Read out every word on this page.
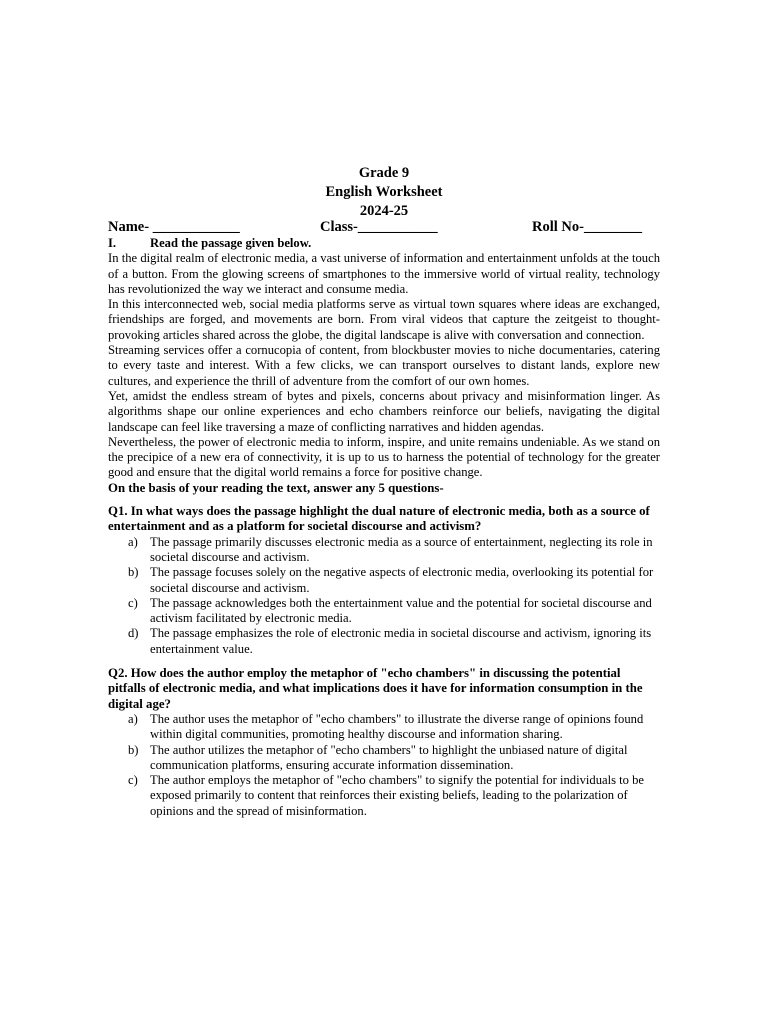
Grade 9
English Worksheet
2024-25
Name- ____________	Class-___________	Roll No-________
I.	Read the passage given below.

In the digital realm of electronic media, a vast universe of information and entertainment unfolds at the touch of a button. From the glowing screens of smartphones to the immersive world of virtual reality, technology has revolutionized the way we interact and consume media.

In this interconnected web, social media platforms serve as virtual town squares where ideas are exchanged, friendships are forged, and movements are born. From viral videos that capture the zeitgeist to thought-provoking articles shared across the globe, the digital landscape is alive with conversation and connection.

Streaming services offer a cornucopia of content, from blockbuster movies to niche documentaries, catering to every taste and interest. With a few clicks, we can transport ourselves to distant lands, explore new cultures, and experience the thrill of adventure from the comfort of our own homes.

Yet, amidst the endless stream of bytes and pixels, concerns about privacy and misinformation linger. As algorithms shape our online experiences and echo chambers reinforce our beliefs, navigating the digital landscape can feel like traversing a maze of conflicting narratives and hidden agendas.

Nevertheless, the power of electronic media to inform, inspire, and unite remains undeniable. As we stand on the precipice of a new era of connectivity, it is up to us to harness the potential of technology for the greater good and ensure that the digital world remains a force for positive change.

On the basis of your reading the text, answer any 5 questions-

Q1. In what ways does the passage highlight the dual nature of electronic media, both as a source of entertainment and as a platform for societal discourse and activism?

a) The passage primarily discusses electronic media as a source of entertainment, neglecting its role in societal discourse and activism.
b) The passage focuses solely on the negative aspects of electronic media, overlooking its potential for societal discourse and activism.
c) The passage acknowledges both the entertainment value and the potential for societal discourse and activism facilitated by electronic media.
d) The passage emphasizes the role of electronic media in societal discourse and activism, ignoring its entertainment value.

Q2. How does the author employ the metaphor of "echo chambers" in discussing the potential pitfalls of electronic media, and what implications does it have for information consumption in the digital age?

a) The author uses the metaphor of "echo chambers" to illustrate the diverse range of opinions found within digital communities, promoting healthy discourse and information sharing.
b) The author utilizes the metaphor of "echo chambers" to highlight the unbiased nature of digital communication platforms, ensuring accurate information dissemination.
c) The author employs the metaphor of "echo chambers" to signify the potential for individuals to be exposed primarily to content that reinforces their existing beliefs, leading to the polarization of opinions and the spread of misinformation.
